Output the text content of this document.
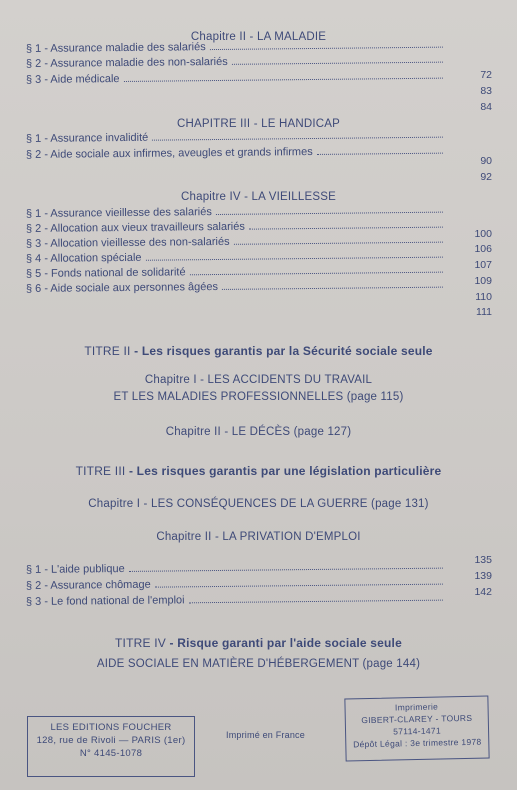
Chapitre II - LA MALADIE
§ 1 - Assurance maladie des salariés
§ 2 - Assurance maladie des non-salariés
§ 3 - Aide médicale	72
83
84
CHAPITRE III - LE HANDICAP
§ 1 - Assurance invalidité
§ 2 - Aide sociale aux infirmes, aveugles et grands infirmes	90
92
Chapitre IV - LA VIEILLESSE
§ 1 - Assurance vieillesse des salariés
§ 2 - Allocation aux vieux travailleurs salariés
§ 3 - Allocation vieillesse des non-salariés
§ 4 - Allocation spéciale
§ 5 - Fonds national de solidarité
§ 6 - Aide sociale aux personnes âgées
100
106
107
109
110
111
TITRE II - Les risques garantis par la Sécurité sociale seule
Chapitre I - LES ACCIDENTS DU TRAVAIL
ET LES MALADIES PROFESSIONNELLES (page 115)
Chapitre II - LE DÉCÈS (page 127)
TITRE III - Les risques garantis par une législation particulière
Chapitre I - LES CONSÉQUENCES DE LA GUERRE (page 131)
Chapitre II - LA PRIVATION D'EMPLOI
§ 1 - L'aide publique
§ 2 - Assurance chômage
§ 3 - Le fond national de l'emploi
135
139
142
TITRE IV - Risque garanti par l'aide sociale seule
AIDE SOCIALE EN MATIÈRE D'HÉBERGEMENT (page 144)
LES EDITIONS FOUCHER
128, rue de Rivoli — PARIS (1er)
N° 4145-1078
Imprimé en France
Imprimerie
GIBERT-CLAREY - TOURS
57114-1471
Dépôt Légal : 3e trimestre 1978
